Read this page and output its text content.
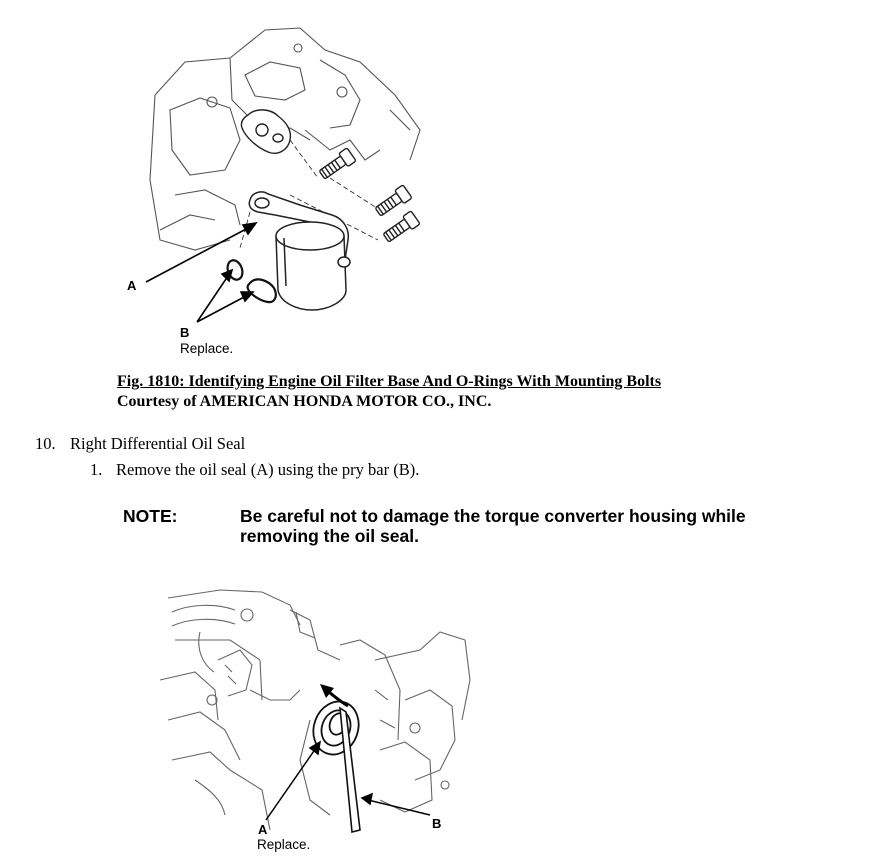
A
B
Replace.
Fig. 1810: Identifying Engine Oil Filter Base And O-Rings With Mounting Bolts
Courtesy of AMERICAN HONDA MOTOR CO., INC.
10. Right Differential Oil Seal
1. Remove the oil seal (A) using the pry bar (B).
NOTE:	Be careful not to damage the torque converter housing while removing the oil seal.
A	B
Replace.
